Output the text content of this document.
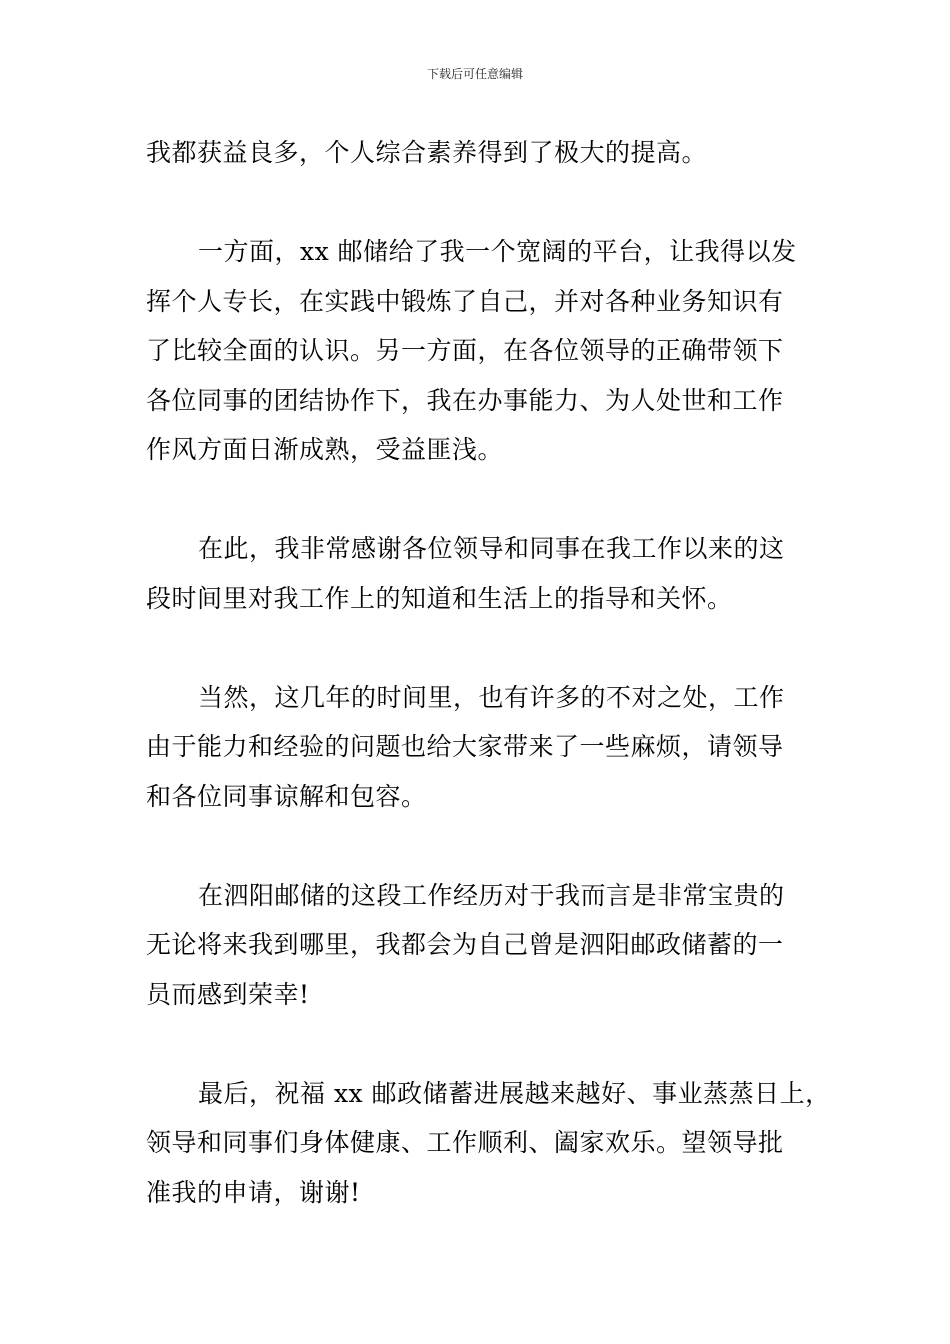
下载后可任意编辑
我都获益良多，个人综合素养得到了极大的提高。
一方面，xx 邮储给了我一个宽阔的平台，让我得以发
挥个人专长，在实践中锻炼了自己，并对各种业务知识有
了比较全面的认识。另一方面，在各位领导的正确带领下
各位同事的团结协作下，我在办事能力、为人处世和工作
作风方面日渐成熟，受益匪浅。
在此，我非常感谢各位领导和同事在我工作以来的这
段时间里对我工作上的知道和生活上的指导和关怀。
当然，这几年的时间里，也有许多的不对之处，工作
由于能力和经验的问题也给大家带来了一些麻烦，请领导
和各位同事谅解和包容。
在泗阳邮储的这段工作经历对于我而言是非常宝贵的
无论将来我到哪里，我都会为自己曾是泗阳邮政储蓄的一
员而感到荣幸!
最后，祝福 xx 邮政储蓄进展越来越好、事业蒸蒸日上，
领导和同事们身体健康、工作顺利、阖家欢乐。望领导批
准我的申请，谢谢!
